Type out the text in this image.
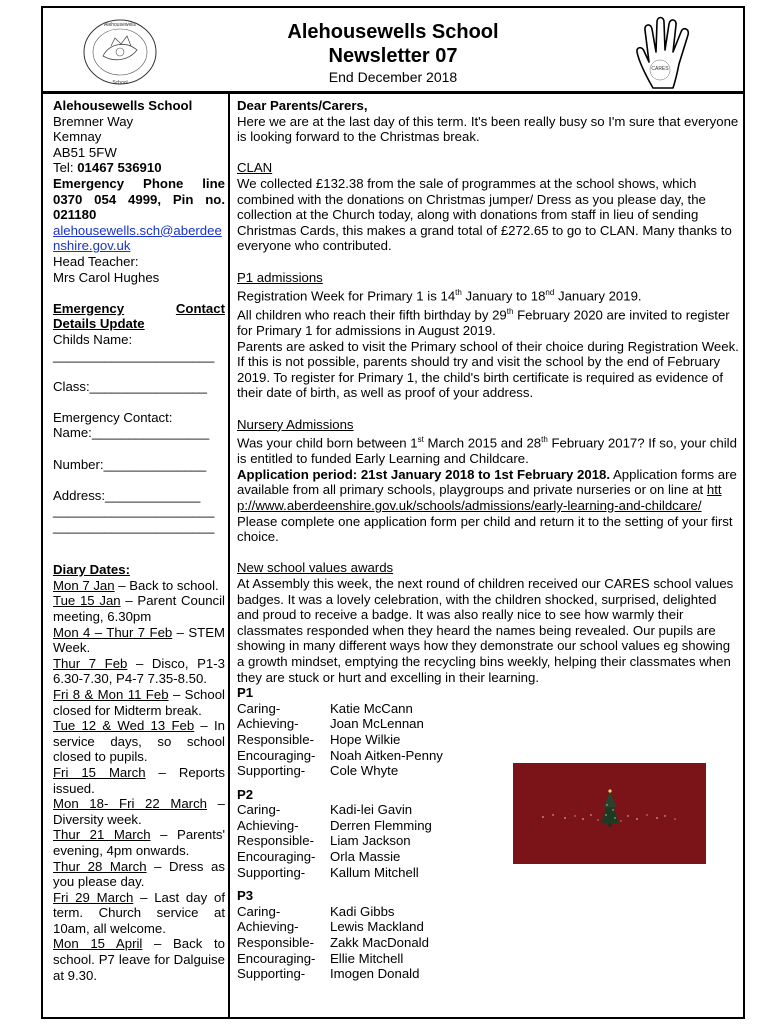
Alehousewells
School
Alehousewells School
Newsletter 07
End December 2018	CARES

Alehousewells School

Bremner Way

Kemnay

AB51 5FW

Tel: 01467 536910

Emergency Phone line 0370 054 4999, Pin no. 021180

alehousewells.sch@aberdeenshire.gov.uk

Head Teacher:

Mrs Carol Hughes

Emergency	Contact

Details Update

Childs Name:

______________________

Class:________________

Emergency Contact:

Name:________________

Number:______________

Address:_____________

______________________

______________________

Diary Dates:

Mon 7 Jan – Back to school.

Tue 15 Jan – Parent Council meeting, 6.30pm

Mon 4 – Thur 7 Feb – STEM Week.

Thur 7 Feb – Disco, P1-3 6.30-7.30, P4-7 7.35-8.50.

Fri 8 & Mon 11 Feb – School closed for Midterm break.

Tue 12 & Wed 13 Feb – In service days, so school closed to pupils.

Fri 15 March – Reports issued.

Mon 18- Fri 22 March – Diversity week.

Thur 21 March – Parents' evening, 4pm onwards.

Thur 28 March – Dress as you please day.

Fri 29 March – Last day of term. Church service at 10am, all welcome.

Mon 15 April – Back to school. P7 leave for Dalguise at 9.30.

Dear Parents/Carers,

Here we are at the last day of this term. It's been really busy so I'm sure that everyone is looking forward to the Christmas break.

CLAN

We collected £132.38 from the sale of programmes at the school shows, which combined with the donations on Christmas jumper/ Dress as you please day, the collection at the Church today, along with donations from staff in lieu of sending Christmas Cards, this makes a grand total of £272.65 to go to CLAN. Many thanks to everyone who contributed.

P1 admissions

Registration Week for Primary 1 is 14th January to 18nd January 2019.

All children who reach their fifth birthday by 29th February 2020 are invited to register for Primary 1 for admissions in August 2019.

Parents are asked to visit the Primary school of their choice during Registration Week. If this is not possible, parents should try and visit the school by the end of February 2019. To register for Primary 1, the child's birth certificate is required as evidence of their date of birth, as well as proof of your address.

Nursery Admissions

Was your child born between 1st March 2015 and 28th February 2017? If so, your child is entitled to funded Early Learning and Childcare.

Application period: 21st January 2018 to 1st February 2018. Application forms are available from all primary schools, playgroups and private nurseries or on line at http://www.aberdeenshire.gov.uk/schools/admissions/early-learning-and-childcare/ Please complete one application form per child and return it to the setting of your first choice.

New school values awards

At Assembly this week, the next round of children received our CARES school values badges. It was a lovely celebration, with the children shocked, surprised, delighted and proud to receive a badge. It was also really nice to see how warmly their classmates responded when they heard the names being revealed. Our pupils are showing in many different ways how they demonstrate our school values eg showing a growth mindset, emptying the recycling bins weekly, helping their classmates when they are stuck or hurt and excelling in their learning.

P1

Caring-	Katie McCann
Achieving-	Joan McLennan
Responsible-	Hope Wilkie
Encouraging-	Noah Aitken-Penny
Supporting-	Cole Whyte

P2

Caring-	Kadi-lei Gavin
Achieving-	Derren Flemming
Responsible-	Liam Jackson
Encouraging-	Orla Massie
Supporting-	Kallum Mitchell

P3

Caring-	Kadi Gibbs
Achieving-	Lewis Mackland
Responsible-	Zakk MacDonald
Encouraging-	Ellie Mitchell
Supporting-	Imogen Donald
